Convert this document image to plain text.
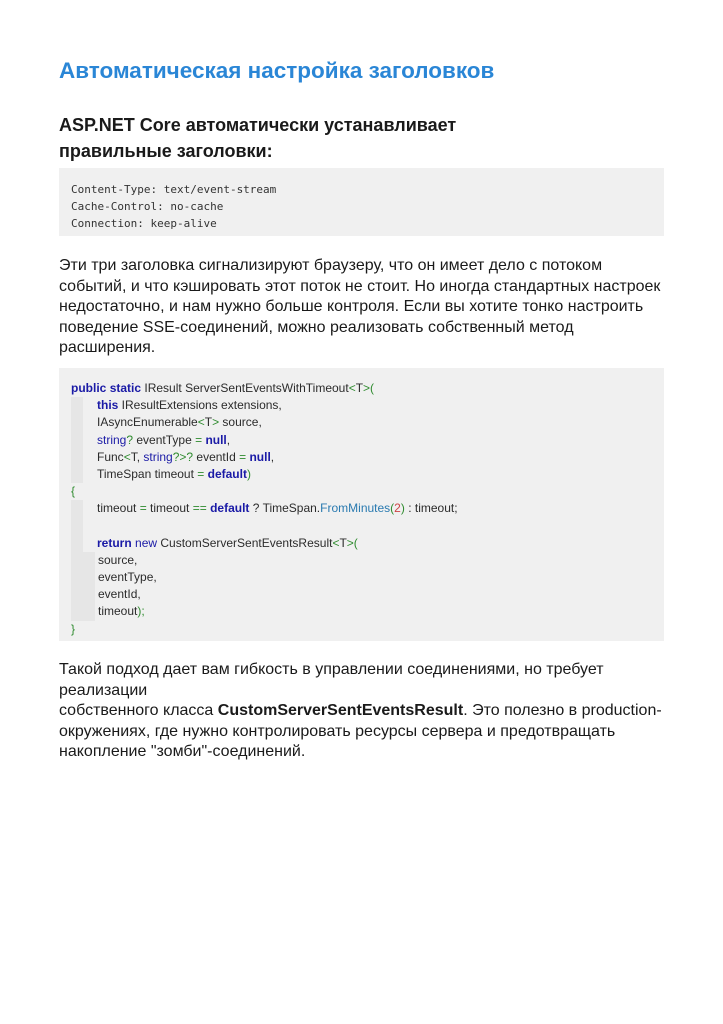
Автоматическая настройка заголовков
ASP.NET Core автоматически устанавливает правильные заголовки:
Content-Type: text/event-stream
Cache-Control: no-cache
Connection: keep-alive

Эти три заголовка сигнализируют браузеру, что он имеет дело с потоком событий, и что кэшировать этот поток не стоит. Но иногда стандартных настроек недостаточно, и нам нужно больше контроля. Если вы хотите тонко настроить поведение SSE-соединений, можно реализовать собственный метод расширения.

public static IResult ServerSentEventsWithTimeout<T>(
this IResultExtensions extensions,
IAsyncEnumerable<T> source,
string? eventType = null,
Func<T, string?>? eventId = null,
TimeSpan timeout = default)
{
timeout = timeout == default ? TimeSpan.FromMinutes(2) : timeout;

return new CustomServerSentEventsResult<T>(
source,
eventType,
eventId,
timeout);
}

Такой подход дает вам гибкость в управлении соединениями, но требует реализации
собственного класса CustomServerSentEventsResult. Это полезно в production-окружениях, где нужно контролировать ресурсы сервера и предотвращать накопление "зомби"-соединений.
